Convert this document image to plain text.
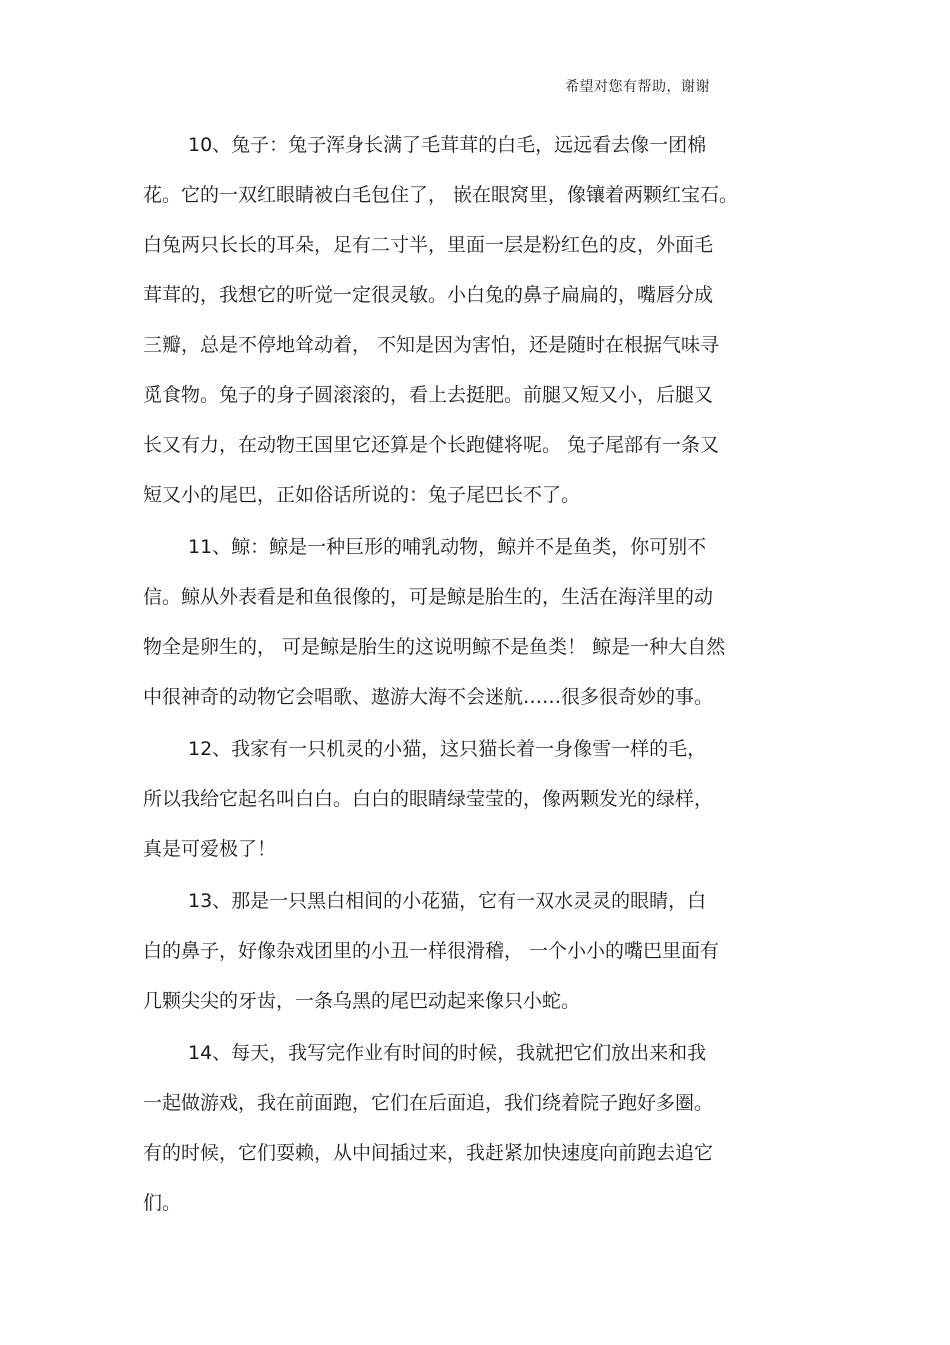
希望对您有帮助，谢谢
10、兔子：兔子浑身长满了毛茸茸的白毛，远远看去像一团棉
花。它的一双红眼睛被白毛包住了， 嵌在眼窝里，像镶着两颗红宝石。
白兔两只长长的耳朵，足有二寸半，里面一层是粉红色的皮，外面毛
茸茸的，我想它的听觉一定很灵敏。小白兔的鼻子扁扁的，嘴唇分成
三瓣，总是不停地耸动着， 不知是因为害怕，还是随时在根据气味寻
觅食物。兔子的身子圆滚滚的，看上去挺肥。前腿又短又小，后腿又
长又有力，在动物王国里它还算是个长跑健将呢。 兔子尾部有一条又
短又小的尾巴，正如俗话所说的：兔子尾巴长不了。
11、鲸：鲸是一种巨形的哺乳动物，鲸并不是鱼类，你可别不
信。鲸从外表看是和鱼很像的，可是鲸是胎生的，生活在海洋里的动
物全是卵生的， 可是鲸是胎生的这说明鲸不是鱼类！ 鲸是一种大自然
中很神奇的动物它会唱歌、遨游大海不会迷航……很多很奇妙的事。
12、我家有一只机灵的小猫，这只猫长着一身像雪一样的毛，
所以我给它起名叫白白。白白的眼睛绿莹莹的，像两颗发光的绿样，
真是可爱极了！
13、那是一只黑白相间的小花猫，它有一双水灵灵的眼睛，白
白的鼻子，好像杂戏团里的小丑一样很滑稽， 一个小小的嘴巴里面有
几颗尖尖的牙齿，一条乌黑的尾巴动起来像只小蛇。
14、每天，我写完作业有时间的时候，我就把它们放出来和我
一起做游戏，我在前面跑，它们在后面追，我们绕着院子跑好多圈。
有的时候，它们耍赖，从中间插过来，我赶紧加快速度向前跑去追它
们。
